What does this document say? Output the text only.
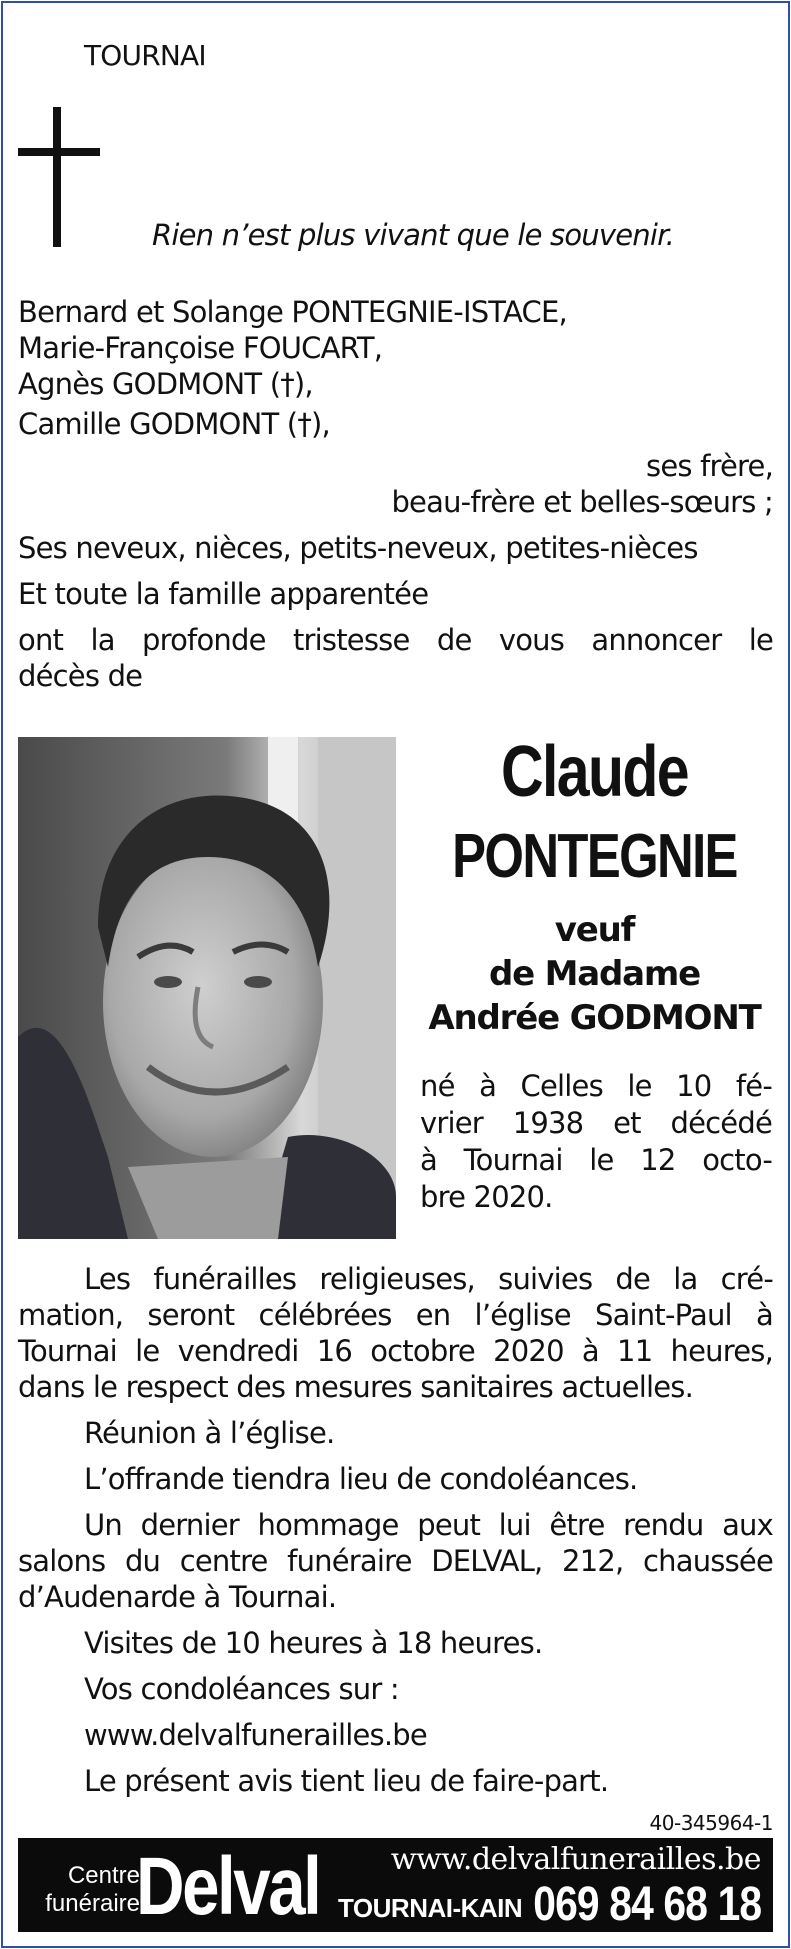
TOURNAI
Rien n’est plus vivant que le souvenir.
Bernard et Solange PONTEGNIE-ISTACE,
Marie-Françoise FOUCART,
Agnès GODMONT (†),
Camille GODMONT (†),
ses frère,
beau-frère et belles-sœurs ;
Ses neveux, nièces, petits-neveux, petites-nièces
Et toute la famille apparentée
ont la profonde tristesse de vous annoncer le
décès de
Claude
PONTEGNIE
veuf
de Madame
Andrée GODMONT
né à Celles le 10 fé-
vrier 1938 et décédé
à Tournai le 12 octo-
bre 2020.
Les funérailles religieuses, suivies de la cré-
mation, seront célébrées en l’église Saint-Paul à
Tournai le vendredi 16 octobre 2020 à 11 heures,
dans le respect des mesures sanitaires actuelles.
Réunion à l’église.
L’offrande tiendra lieu de condoléances.
Un dernier hommage peut lui être rendu aux
salons du centre funéraire DELVAL, 212, chaussée
d’Audenarde à Tournai.
Visites de 10 heures à 18 heures.
Vos condoléances sur :
www.delvalfunerailles.be
Le présent avis tient lieu de faire-part.
40-345964-1
Centre
funéraire
Delval www.delvalfunerailles.be
TOURNAI-KAIN 069 84 68 18
